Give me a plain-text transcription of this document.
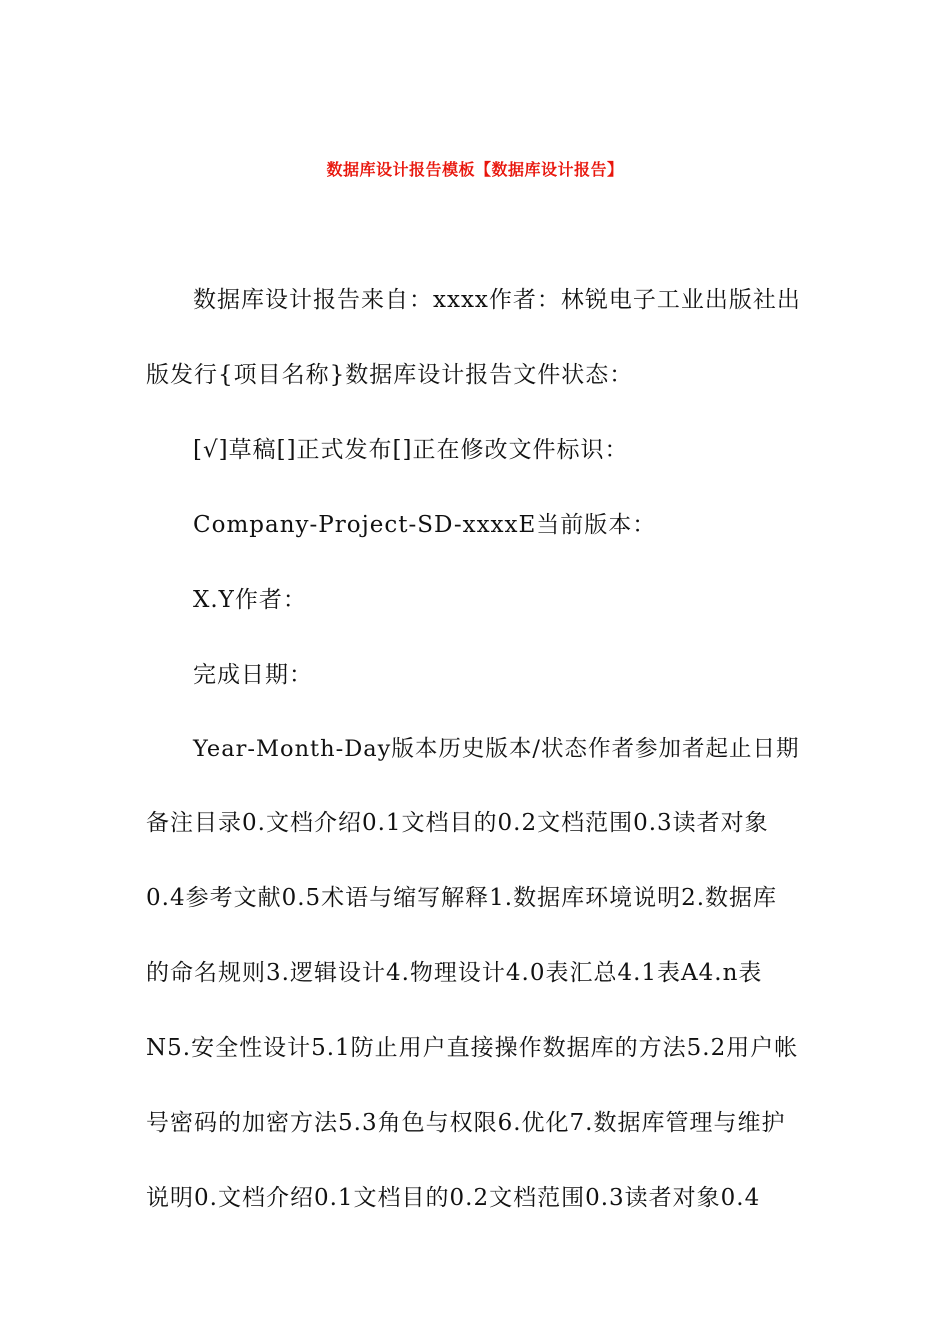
数据库设计报告模板【数据库设计报告】
数据库设计报告来自：xxxx作者：林锐电子工业出版社出
版发行{项目名称}数据库设计报告文件状态：
[√]草稿[]正式发布[]正在修改文件标识：
Company-Project-SD-xxxxE当前版本：
X.Y作者：
完成日期：
Year-Month-Day版本历史版本/状态作者参加者起止日期
备注目录0.文档介绍0.1文档目的0.2文档范围0.3读者对象
0.4参考文献0.5术语与缩写解释1.数据库环境说明2.数据库
的命名规则3.逻辑设计4.物理设计4.0表汇总4.1表A4.n表
N5.安全性设计5.1防止用户直接操作数据库的方法5.2用户帐
号密码的加密方法5.3角色与权限6.优化7.数据库管理与维护
说明0.文档介绍0.1文档目的0.2文档范围0.3读者对象0.4
